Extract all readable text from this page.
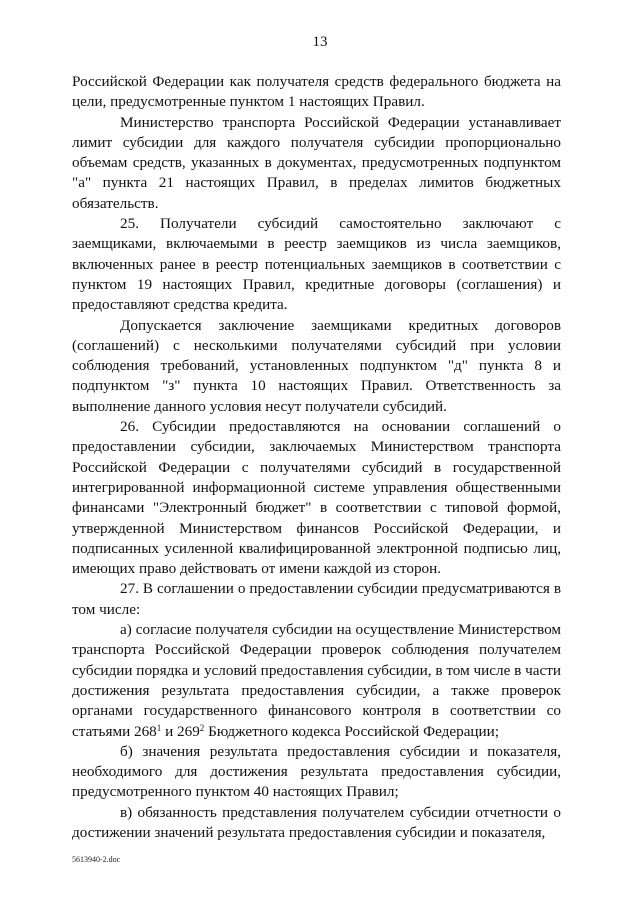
13

Российской Федерации как получателя средств федерального бюджета на цели, предусмотренные пунктом 1 настоящих Правил.

Министерство транспорта Российской Федерации устанавливает лимит субсидии для каждого получателя субсидии пропорционально объемам средств, указанных в документах, предусмотренных подпунктом "а" пункта 21 настоящих Правил, в пределах лимитов бюджетных обязательств.

25. Получатели субсидий самостоятельно заключают с заемщиками, включаемыми в реестр заемщиков из числа заемщиков, включенных ранее в реестр потенциальных заемщиков в соответствии с пунктом 19 настоящих Правил, кредитные договоры (соглашения) и предоставляют средства кредита.

Допускается заключение заемщиками кредитных договоров (соглашений) с несколькими получателями субсидий при условии соблюдения требований, установленных подпунктом "д" пункта 8 и подпунктом "з" пункта 10 настоящих Правил. Ответственность за выполнение данного условия несут получатели субсидий.

26. Субсидии предоставляются на основании соглашений о предоставлении субсидии, заключаемых Министерством транспорта Российской Федерации с получателями субсидий в государственной интегрированной информационной системе управления общественными финансами "Электронный бюджет" в соответствии с типовой формой, утвержденной Министерством финансов Российской Федерации, и подписанных усиленной квалифицированной электронной подписью лиц, имеющих право действовать от имени каждой из сторон.

27. В соглашении о предоставлении субсидии предусматриваются в том числе:

а) согласие получателя субсидии на осуществление Министерством транспорта Российской Федерации проверок соблюдения получателем субсидии порядка и условий предоставления субсидии, в том числе в части достижения результата предоставления субсидии, а также проверок органами государственного финансового контроля в соответствии со статьями $268^1$ и $269^2$ Бюджетного кодекса Российской Федерации;

б) значения результата предоставления субсидии и показателя, необходимого для достижения результата предоставления субсидии, предусмотренного пунктом 40 настоящих Правил;

в) обязанность представления получателем субсидии отчетности о достижении значений результата предоставления субсидии и показателя,

5613940-2.doc
